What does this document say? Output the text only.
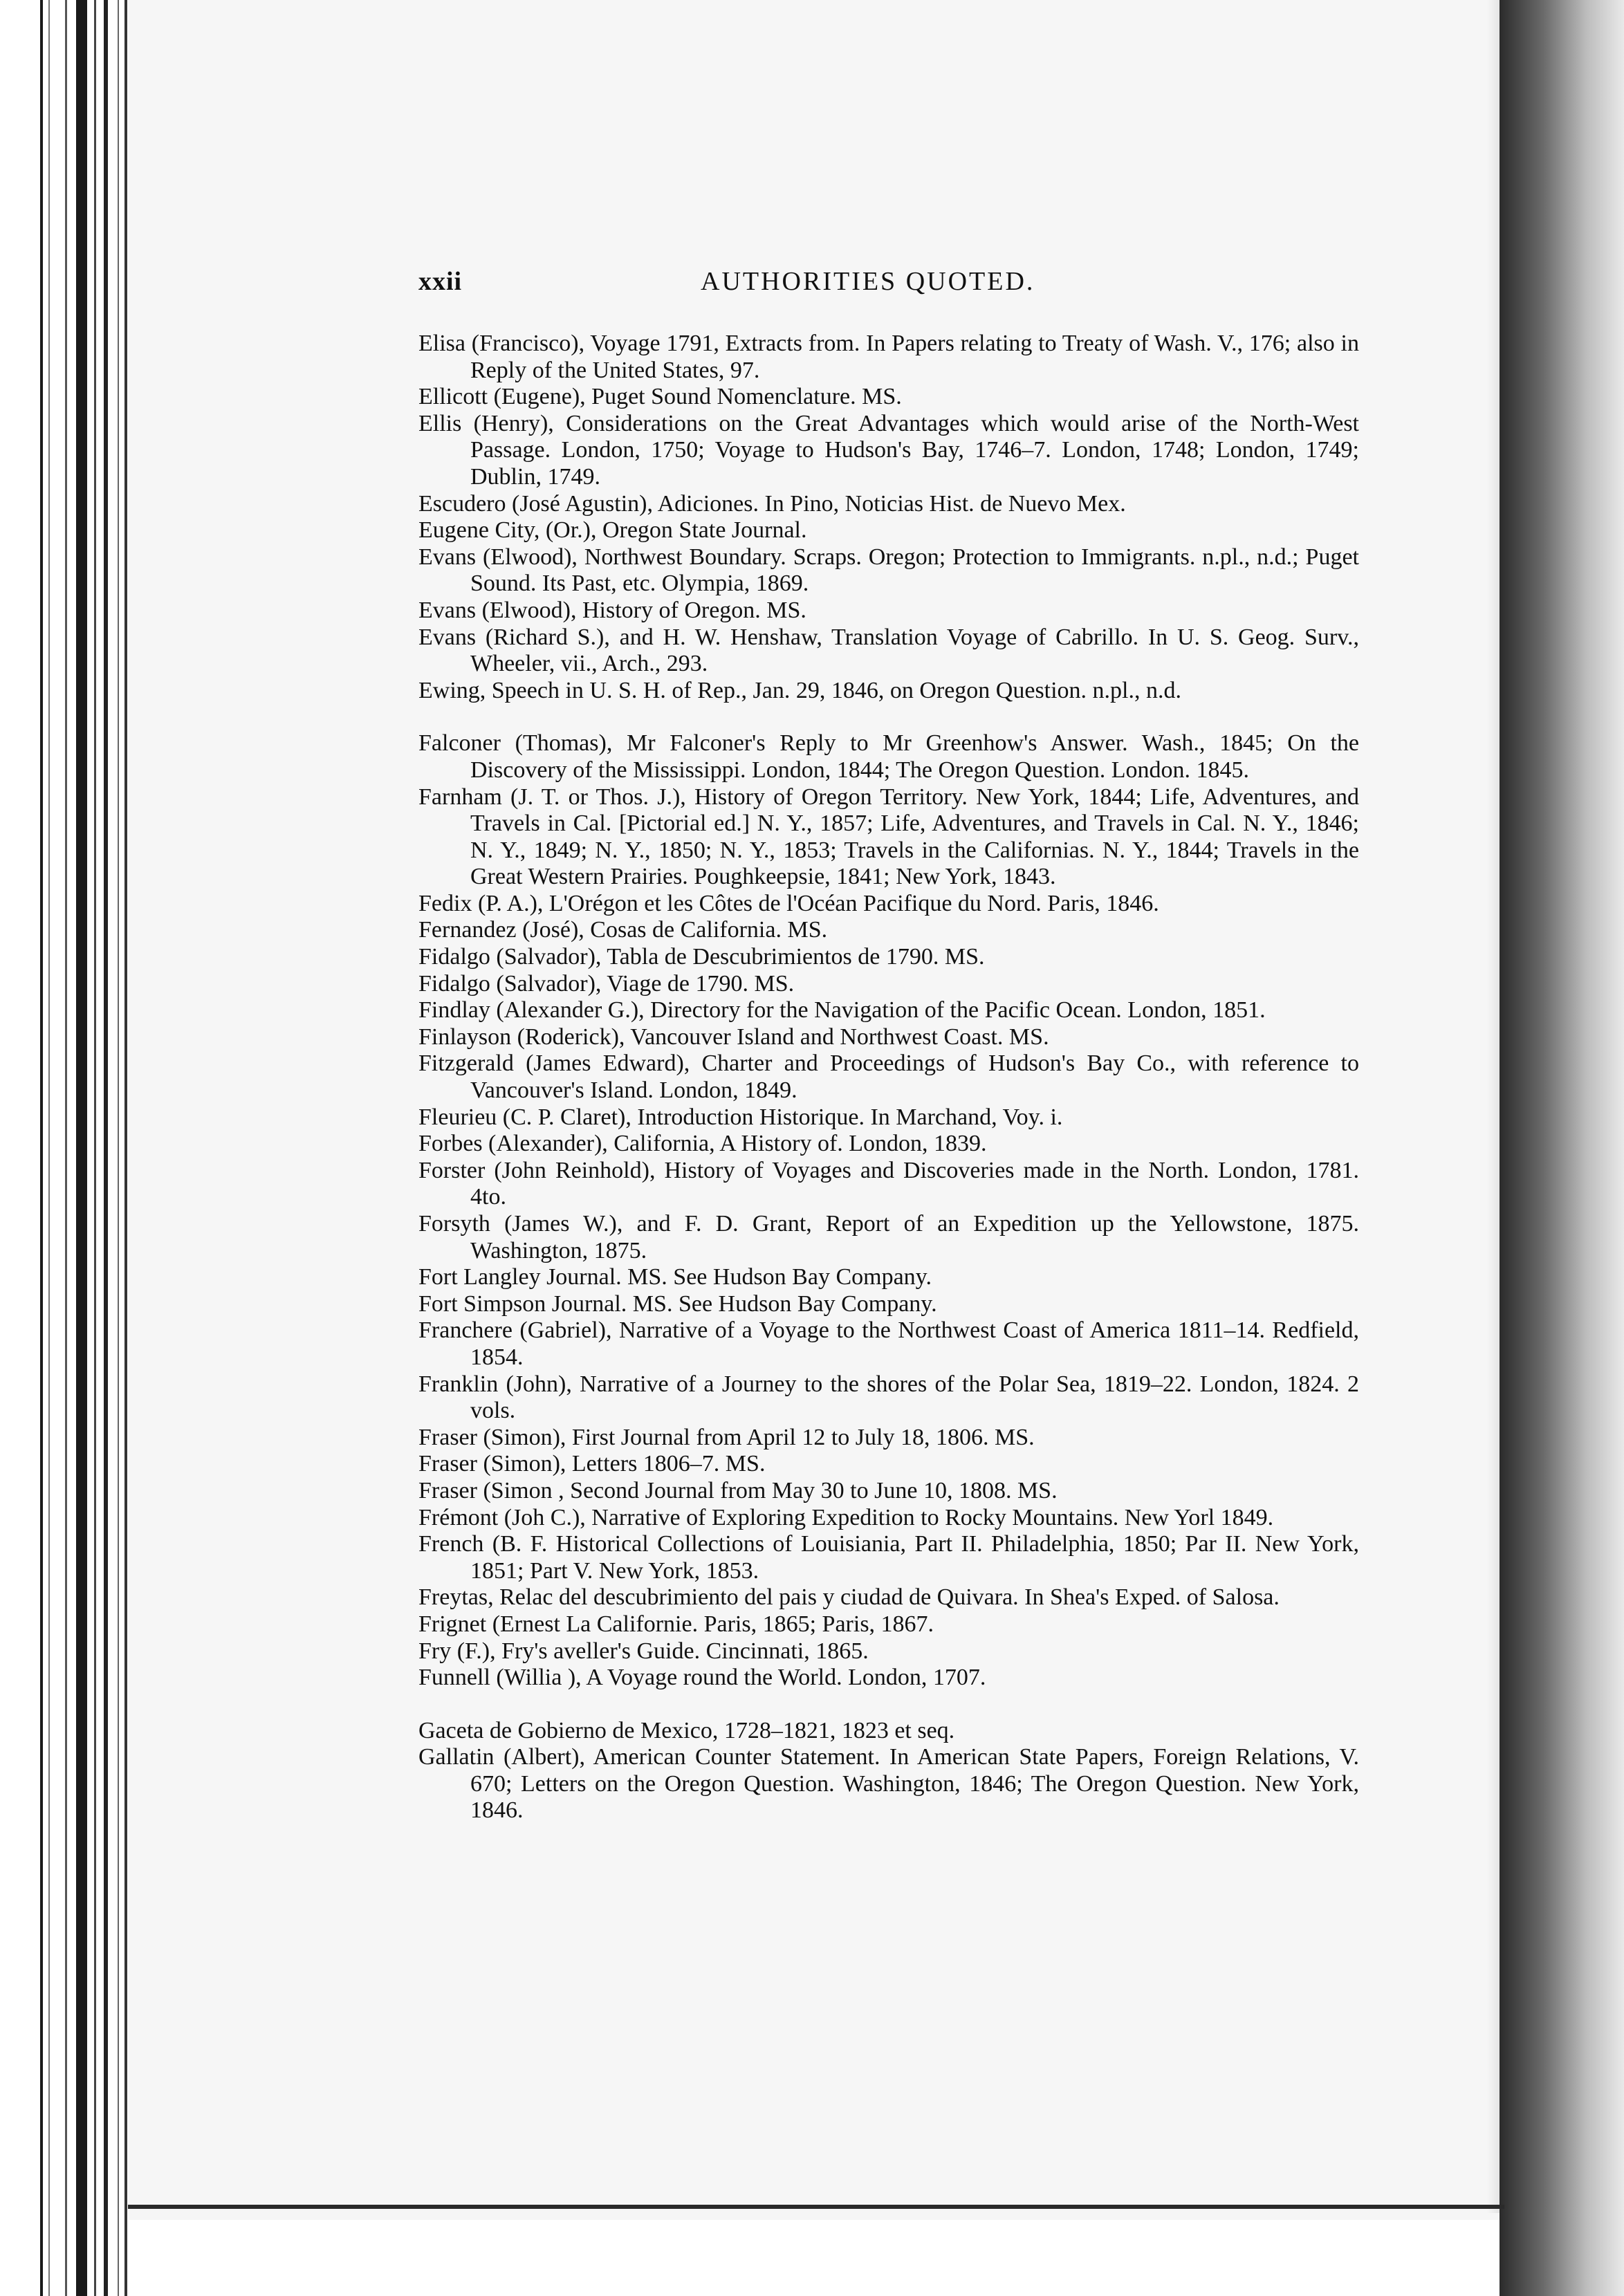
xxii	AUTHORITIES QUOTED.

Elisa (Francisco), Voyage 1791, Extracts from. In Papers relating to Treaty of Wash. V., 176; also in Reply of the United States, 97.

Ellicott (Eugene), Puget Sound Nomenclature. MS.

Ellis (Henry), Considerations on the Great Advantages which would arise of the North-West Passage. London, 1750; Voyage to Hudson's Bay, 1746–7. London, 1748; London, 1749; Dublin, 1749.

Escudero (José Agustin), Adiciones. In Pino, Noticias Hist. de Nuevo Mex.

Eugene City, (Or.), Oregon State Journal.

Evans (Elwood), Northwest Boundary. Scraps. Oregon; Protection to Immigrants. n.pl., n.d.; Puget Sound. Its Past, etc. Olympia, 1869.

Evans (Elwood), History of Oregon. MS.

Evans (Richard S.), and H. W. Henshaw, Translation Voyage of Cabrillo. In U. S. Geog. Surv., Wheeler, vii., Arch., 293.

Ewing, Speech in U. S. H. of Rep., Jan. 29, 1846, on Oregon Question. n.pl., n.d.

Falconer (Thomas), Mr Falconer's Reply to Mr Greenhow's Answer. Wash., 1845; On the Discovery of the Mississippi. London, 1844; The Oregon Question. London. 1845.

Farnham (J. T. or Thos. J.), History of Oregon Territory. New York, 1844; Life, Adventures, and Travels in Cal. [Pictorial ed.] N. Y., 1857; Life, Adventures, and Travels in Cal. N. Y., 1846; N. Y., 1849; N. Y., 1850; N. Y., 1853; Travels in the Californias. N. Y., 1844; Travels in the Great Western Prairies. Poughkeepsie, 1841; New York, 1843.

Fedix (P. A.), L'Orégon et les Côtes de l'Océan Pacifique du Nord. Paris, 1846.

Fernandez (José), Cosas de California. MS.

Fidalgo (Salvador), Tabla de Descubrimientos de 1790. MS.

Fidalgo (Salvador), Viage de 1790. MS.

Findlay (Alexander G.), Directory for the Navigation of the Pacific Ocean. London, 1851.

Finlayson (Roderick), Vancouver Island and Northwest Coast. MS.

Fitzgerald (James Edward), Charter and Proceedings of Hudson's Bay Co., with reference to Vancouver's Island. London, 1849.

Fleurieu (C. P. Claret), Introduction Historique. In Marchand, Voy. i.

Forbes (Alexander), California, A History of. London, 1839.

Forster (John Reinhold), History of Voyages and Discoveries made in the North. London, 1781. 4to.

Forsyth (James W.), and F. D. Grant, Report of an Expedition up the Yellowstone, 1875. Washington, 1875.

Fort Langley Journal. MS. See Hudson Bay Company.

Fort Simpson Journal. MS. See Hudson Bay Company.

Franchere (Gabriel), Narrative of a Voyage to the Northwest Coast of America 1811–14. Redfield, 1854.

Franklin (John), Narrative of a Journey to the shores of the Polar Sea, 1819–22. London, 1824. 2 vols.

Fraser (Simon), First Journal from April 12 to July 18, 1806. MS.

Fraser (Simon), Letters 1806–7. MS.

Fraser (Simon , Second Journal from May 30 to June 10, 1808. MS.

Frémont (Joh C.), Narrative of Exploring Expedition to Rocky Mountains. New Yorl 1849.

French (B. F. Historical Collections of Louisiania, Part II. Philadelphia, 1850; Par II. New York, 1851; Part V. New York, 1853.

Freytas, Relac del descubrimiento del pais y ciudad de Quivara. In Shea's Exped. of Salosa.

Frignet (Ernest La Californie. Paris, 1865; Paris, 1867.

Fry (F.), Fry's aveller's Guide. Cincinnati, 1865.

Funnell (Willia ), A Voyage round the World. London, 1707.

Gaceta de Gobierno de Mexico, 1728–1821, 1823 et seq.

Gallatin (Albert), American Counter Statement. In American State Papers, Foreign Relations, V. 670; Letters on the Oregon Question. Washington, 1846; The Oregon Question. New York, 1846.
